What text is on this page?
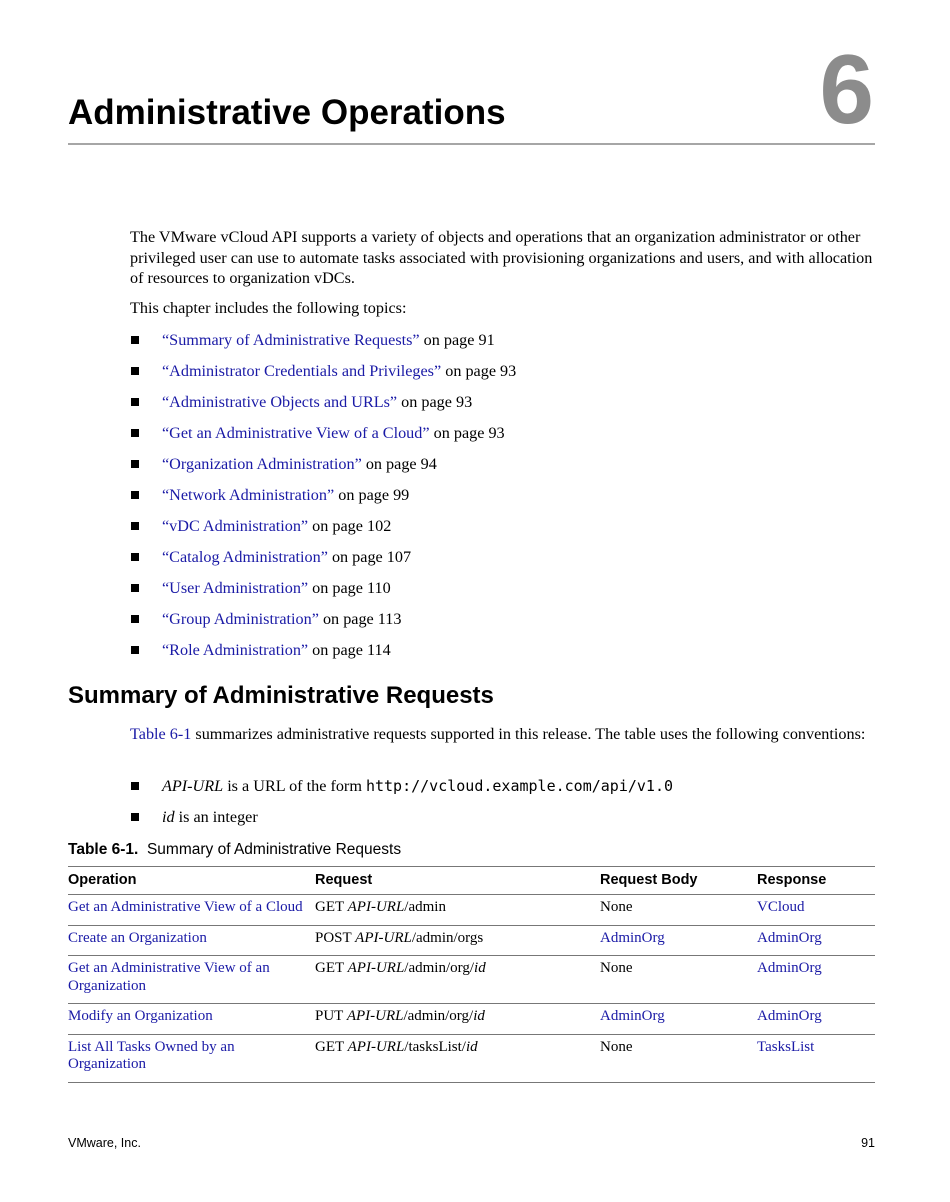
6
Administrative Operations

The VMware vCloud API supports a variety of objects and operations that an organization administrator or other privileged user can use to automate tasks associated with provisioning organizations and users, and with allocation of resources to organization vDCs.

This chapter includes the following topics:

“Summary of Administrative Requests” on page 91
“Administrator Credentials and Privileges” on page 93
“Administrative Objects and URLs” on page 93
“Get an Administrative View of a Cloud” on page 93
“Organization Administration” on page 94
“Network Administration” on page 99
“vDC Administration” on page 102
“Catalog Administration” on page 107
“User Administration” on page 110
“Group Administration” on page 113
“Role Administration” on page 114
Summary of Administrative Requests

Table 6-1 summarizes administrative requests supported in this release. The table uses the following conventions:

API-URL is a URL of the form http://vcloud.example.com/api/v1.0
id is an integer

Table 6-1.  Summary of Administrative Requests

Operation	Request	Request Body	Response
Get an Administrative View of a Cloud	GET API-URL/admin	None	VCloud
Create an Organization	POST API-URL/admin/orgs	AdminOrg	AdminOrg
Get an Administrative View of an Organization	GET API-URL/admin/org/id	None	AdminOrg
Modify an Organization	PUT API-URL/admin/org/id	AdminOrg	AdminOrg
List All Tasks Owned by an Organization	GET API-URL/tasksList/id	None	TasksList
VMware, Inc.	91
